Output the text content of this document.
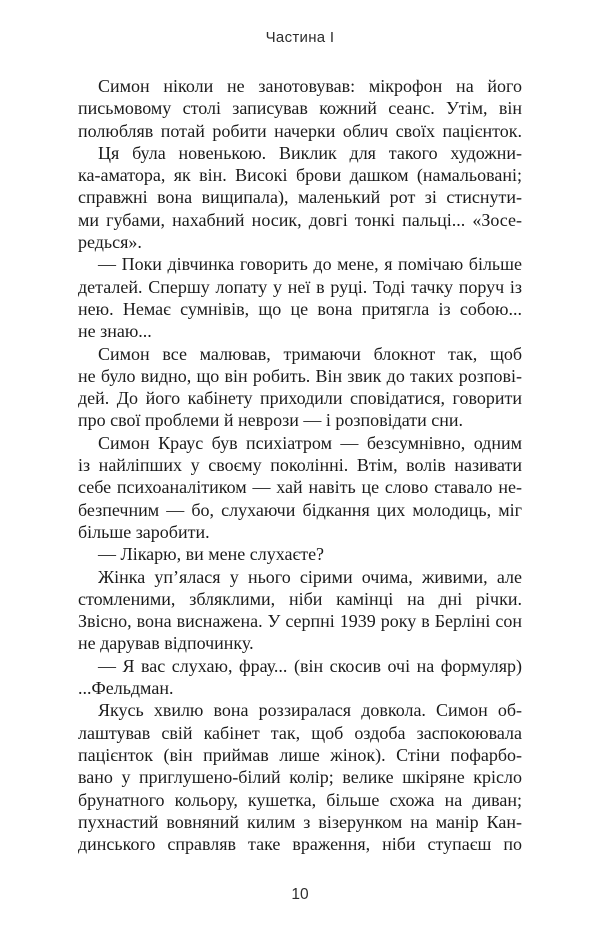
Частина I
Симон ніколи не занотовував: мікрофон на його
письмовому столі записував кожний сеанс. Утім, він
полюбляв потай робити начерки облич своїх пацієнток.
Ця була новенькою. Виклик для такого художни-
ка-аматора, як він. Високі брови дашком (намальовані;
справжні вона вищипала), маленький рот зі стиснути-
ми губами, нахабний носик, довгі тонкі пальці... «Зосе-
редься».
— Поки дівчинка говорить до мене, я помічаю більше
деталей. Спершу лопату у неї в руці. Тоді тачку поруч із
нею. Немає сумнівів, що це вона притягла із собою...
не знаю...
Симон все малював, тримаючи блокнот так, щоб
не було видно, що він робить. Він звик до таких розпові-
дей. До його кабінету приходили сповідатися, говорити
про свої проблеми й неврози — і розповідати сни.
Симон Краус був психіатром — безсумнівно, одним
із найліпших у своєму поколінні. Втім, волів називати
себе психоаналітиком — хай навіть це слово ставало не-
безпечним — бо, слухаючи бідкання цих молодиць, міг
більше заробити.
— Лікарю, ви мене слухаєте?
Жінка уп’ялася у нього сірими очима, живими, але
стомленими, збляклими, ніби камінці на дні річки.
Звісно, вона виснажена. У серпні 1939 року в Берліні сон
не дарував відпочинку.
— Я вас слухаю, фрау... (він скосив очі на формуляр)
...Фельдман.
Якусь хвилю вона роззиралася довкола. Симон об-
лаштував свій кабінет так, щоб оздоба заспокоювала
пацієнток (він приймав лише жінок). Стіни пофарбо-
вано у приглушено-білий колір; велике шкіряне крісло
брунатного кольору, кушетка, більше схожа на диван;
пухнастий вовняний килим з візерунком на манір Кан-
динського справляв таке враження, ніби ступаєш по
10
